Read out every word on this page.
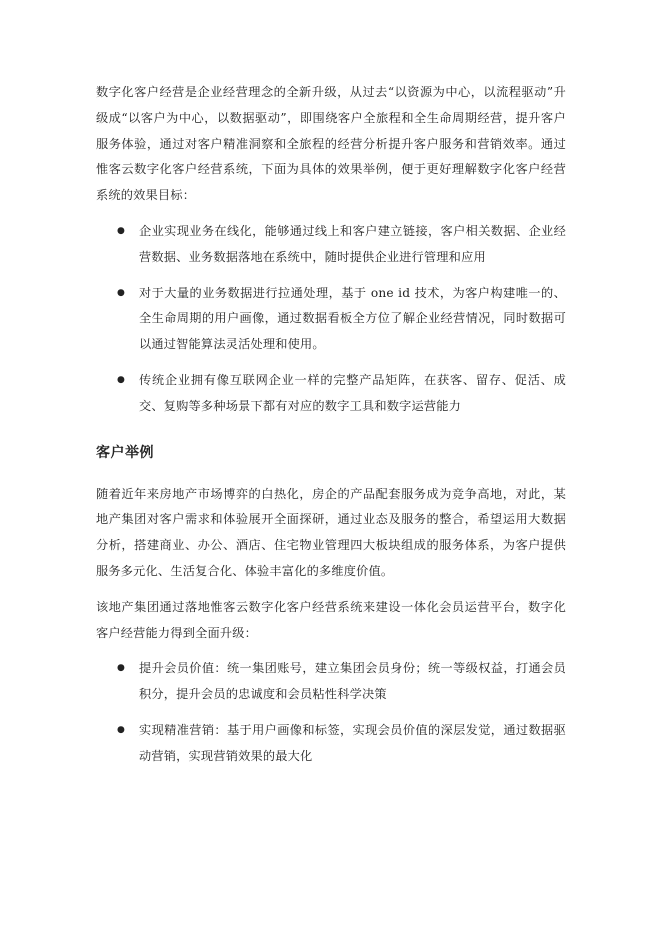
数字化客户经营是企业经营理念的全新升级，从过去“以资源为中心，以流程驱动”升级成“以客户为中心，以数据驱动”，即围绕客户全旅程和全生命周期经营，提升客户服务体验，通过对客户精准洞察和全旅程的经营分析提升客户服务和营销效率。通过惟客云数字化客户经营系统，下面为具体的效果举例，便于更好理解数字化客户经营系统的效果目标：

● 企业实现业务在线化，能够通过线上和客户建立链接，客户相关数据、企业经营数据、业务数据落地在系统中，随时提供企业进行管理和应用
● 对于大量的业务数据进行拉通处理，基于 one id 技术，为客户构建唯一的、全生命周期的用户画像，通过数据看板全方位了解企业经营情况，同时数据可以通过智能算法灵活处理和使用。
● 传统企业拥有像互联网企业一样的完整产品矩阵，在获客、留存、促活、成交、复购等多种场景下都有对应的数字工具和数字运营能力
客户举例

随着近年来房地产市场博弈的白热化，房企的产品配套服务成为竞争高地，对此，某地产集团对客户需求和体验展开全面探研，通过业态及服务的整合，希望运用大数据分析，搭建商业、办公、酒店、住宅物业管理四大板块组成的服务体系，为客户提供服务多元化、生活复合化、体验丰富化的多维度价值。

该地产集团通过落地惟客云数字化客户经营系统来建设一体化会员运营平台，数字化客户经营能力得到全面升级：

● 提升会员价值：统一集团账号，建立集团会员身份；统一等级权益，打通会员积分，提升会员的忠诚度和会员粘性科学决策
● 实现精准营销：基于用户画像和标签，实现会员价值的深层发觉，通过数据驱动营销，实现营销效果的最大化
